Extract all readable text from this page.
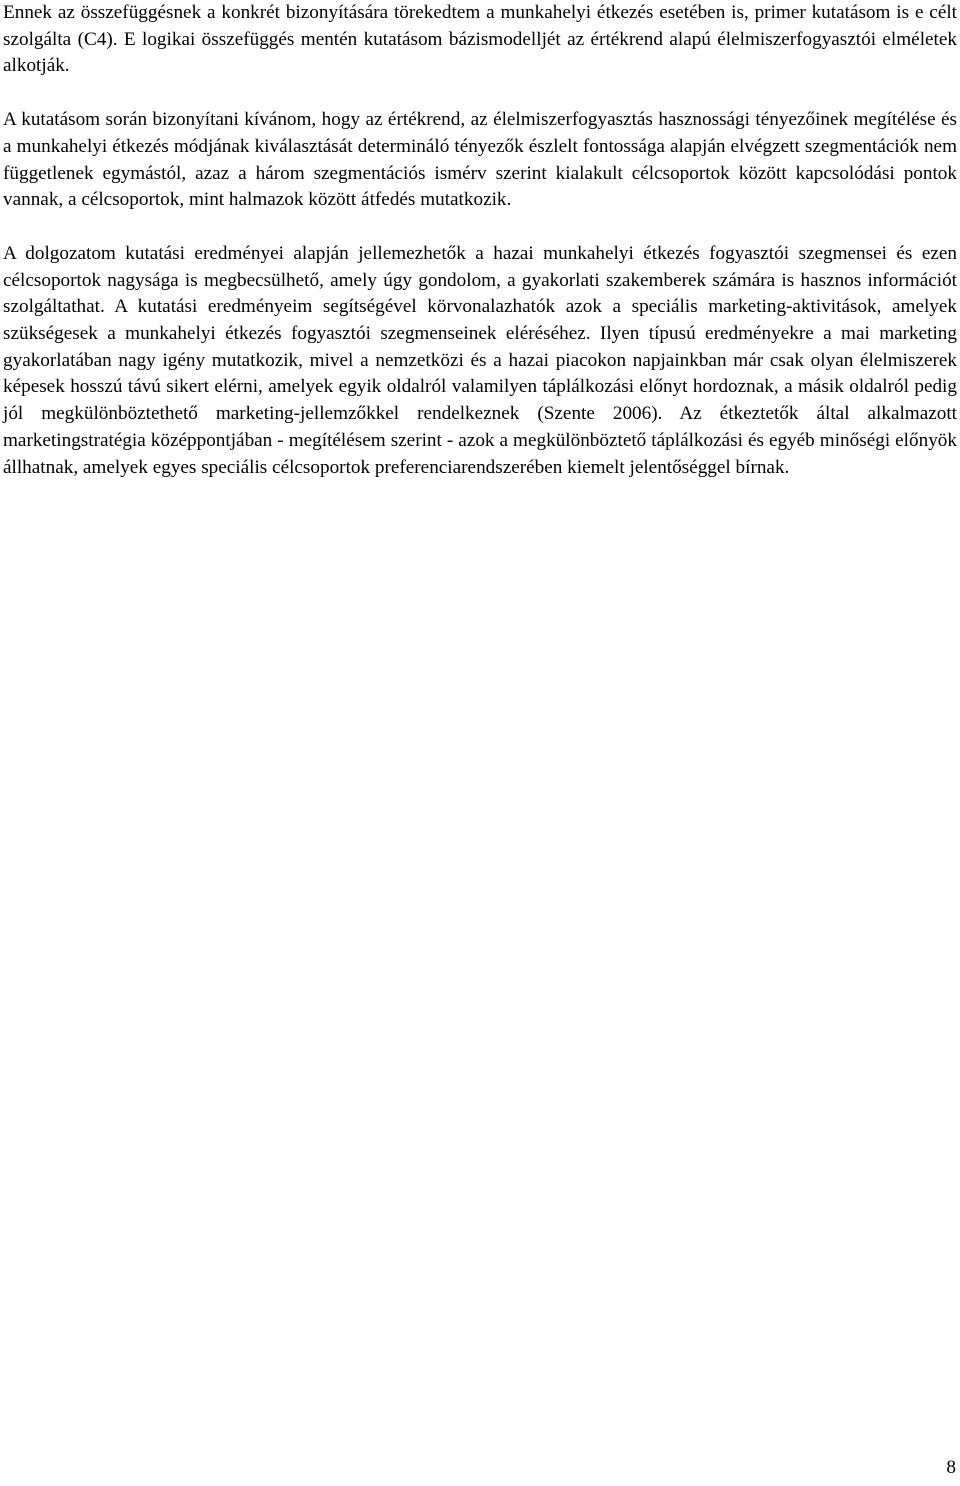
Ennek az összefüggésnek a konkrét bizonyítására törekedtem a munkahelyi étkezés esetében is, primer kutatásom is e célt szolgálta (C4). E logikai összefüggés mentén kutatásom bázismodelljét az értékrend alapú élelmiszerfogyasztói elméletek alkotják.

A kutatásom során bizonyítani kívánom, hogy az értékrend, az élelmiszerfogyasztás hasznossági tényezőinek megítélése és a munkahelyi étkezés módjának kiválasztását determináló tényezők észlelt fontossága alapján elvégzett szegmentációk nem függetlenek egymástól, azaz a három szegmentációs ismérv szerint kialakult célcsoportok között kapcsolódási pontok vannak, a célcsoportok, mint halmazok között átfedés mutatkozik.

A dolgozatom kutatási eredményei alapján jellemezhetők a hazai munkahelyi étkezés fogyasztói szegmensei és ezen célcsoportok nagysága is megbecsülhető, amely úgy gondolom, a gyakorlati szakemberek számára is hasznos információt szolgáltathat. A kutatási eredményeim segítségével körvonalazhatók azok a speciális marketing-aktivitások, amelyek szükségesek a munkahelyi étkezés fogyasztói szegmenseinek eléréséhez. Ilyen típusú eredményekre a mai marketing gyakorlatában nagy igény mutatkozik, mivel a nemzetközi és a hazai piacokon napjainkban már csak olyan élelmiszerek képesek hosszú távú sikert elérni, amelyek egyik oldalról valamilyen táplálkozási előnyt hordoznak, a másik oldalról pedig jól megkülönböztethető marketing-jellemzőkkel rendelkeznek (Szente 2006). Az étkeztetők által alkalmazott marketingstratégia középpontjában - megítélésem szerint - azok a megkülönböztető táplálkozási és egyéb minőségi előnyök állhatnak, amelyek egyes speciális célcsoportok preferenciarendszerében kiemelt jelentőséggel bírnak.

8
